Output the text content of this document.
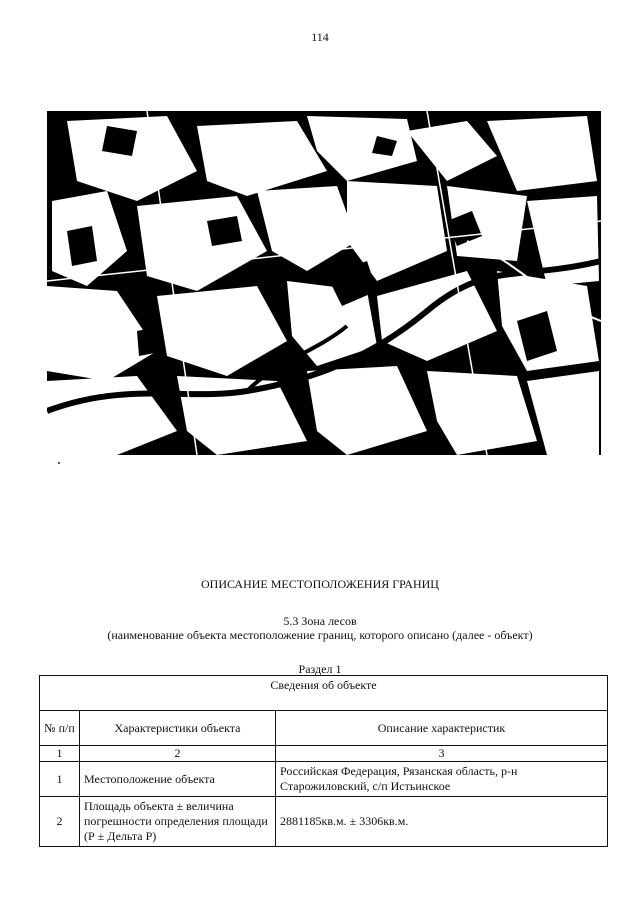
114
ОПИСАНИЕ МЕСТОПОЛОЖЕНИЯ ГРАНИЦ
5.3 Зона лесов
(наименование объекта местоположение границ, которого описано (далее - объект)
Раздел 1
Сведения об объекте		
№ п/п	Характеристики объекта	Описание характеристик
1	2	3
1	Местоположение объекта	Российская Федерация, Рязанская область, р-н Старожиловский, с/п Истьинское
2	Площадь объекта ± величина погрешности определения площади (Р ± Дельта Р)	2881185кв.м. ± 3306кв.м.
